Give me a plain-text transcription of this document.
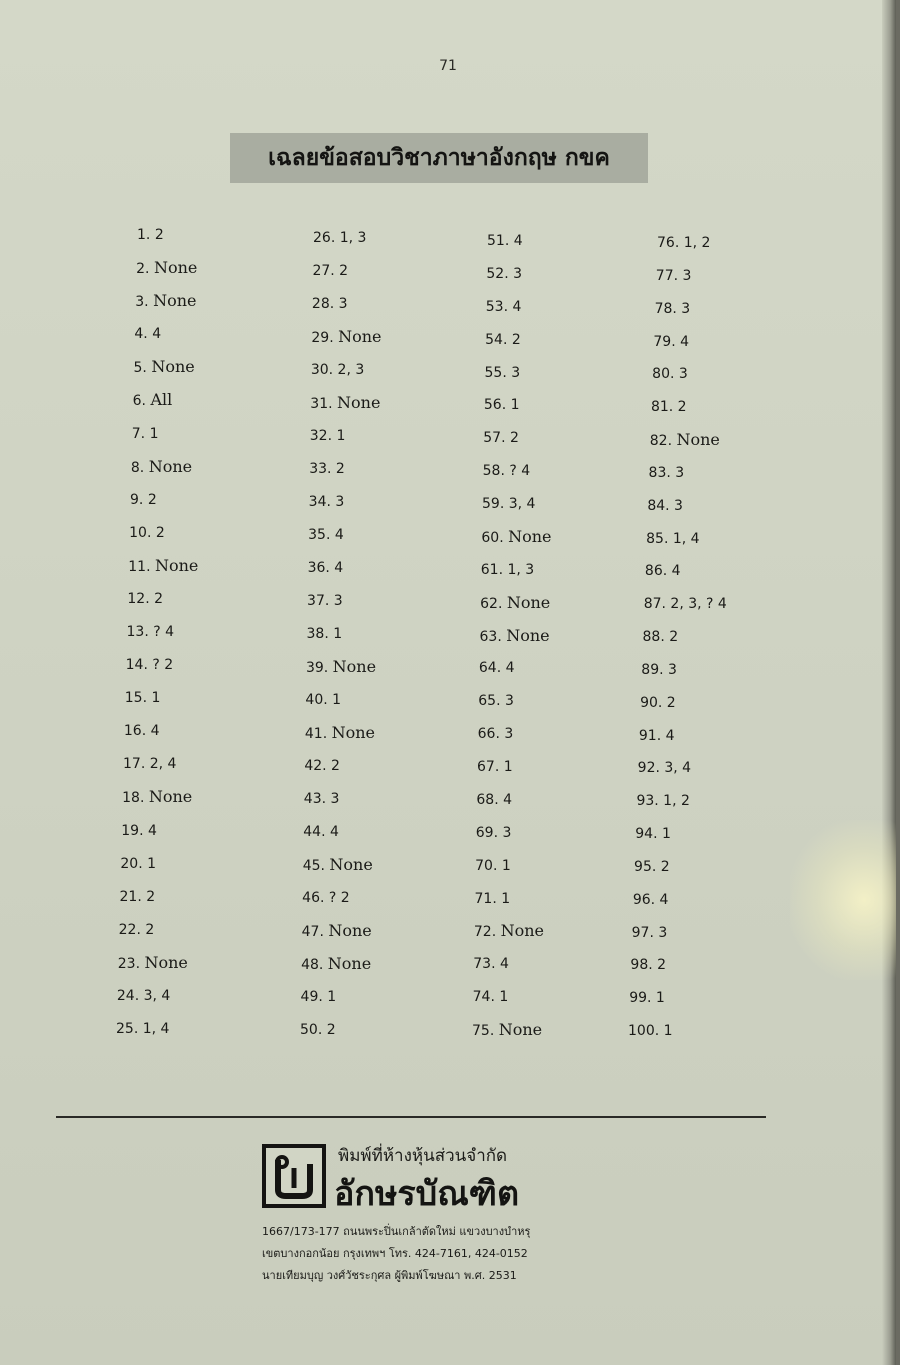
71
เฉลยข้อสอบวิชาภาษาอังกฤษ กขค
1. 2
2. None
3. None
4. 4
5. None
6. All
7. 1
8. None
9. 2
10. 2
11. None
12. 2
13. ? 4
14. ? 2
15. 1
16. 4
17. 2, 4
18. None
19. 4
20. 1
21. 2
22. 2
23. None
24. 3, 4
25. 1, 4
26. 1, 3
27. 2
28. 3
29. None
30. 2, 3
31. None
32. 1
33. 2
34. 3
35. 4
36. 4
37. 3
38. 1
39. None
40. 1
41. None
42. 2
43. 3
44. 4
45. None
46. ? 2
47. None
48. None
49. 1
50. 2
51. 4
52. 3
53. 4
54. 2
55. 3
56. 1
57. 2
58. ? 4
59. 3, 4
60. None
61. 1, 3
62. None
63. None
64. 4
65. 3
66. 3
67. 1
68. 4
69. 3
70. 1
71. 1
72. None
73. 4
74. 1
75. None
76. 1, 2
77. 3
78. 3
79. 4
80. 3
81. 2
82. None
83. 3
84. 3
85. 1, 4
86. 4
87. 2, 3, ? 4
88. 2
89. 3
90. 2
91. 4
92. 3, 4
93. 1, 2
94. 1
95. 2
96. 4
97. 3
98. 2
99. 1
100. 1
พิมพ์ที่ห้างหุ้นส่วนจำกัด
อักษรบัณฑิต
1667/173-177 ถนนพระปิ่นเกล้าตัดใหม่ แขวงบางบำหรุ
เขตบางกอกน้อย กรุงเทพฯ โทร. 424-7161, 424-0152
นายเทียมบุญ วงศ์วัชระกุศล ผู้พิมพ์โฆษณา พ.ศ. 2531
